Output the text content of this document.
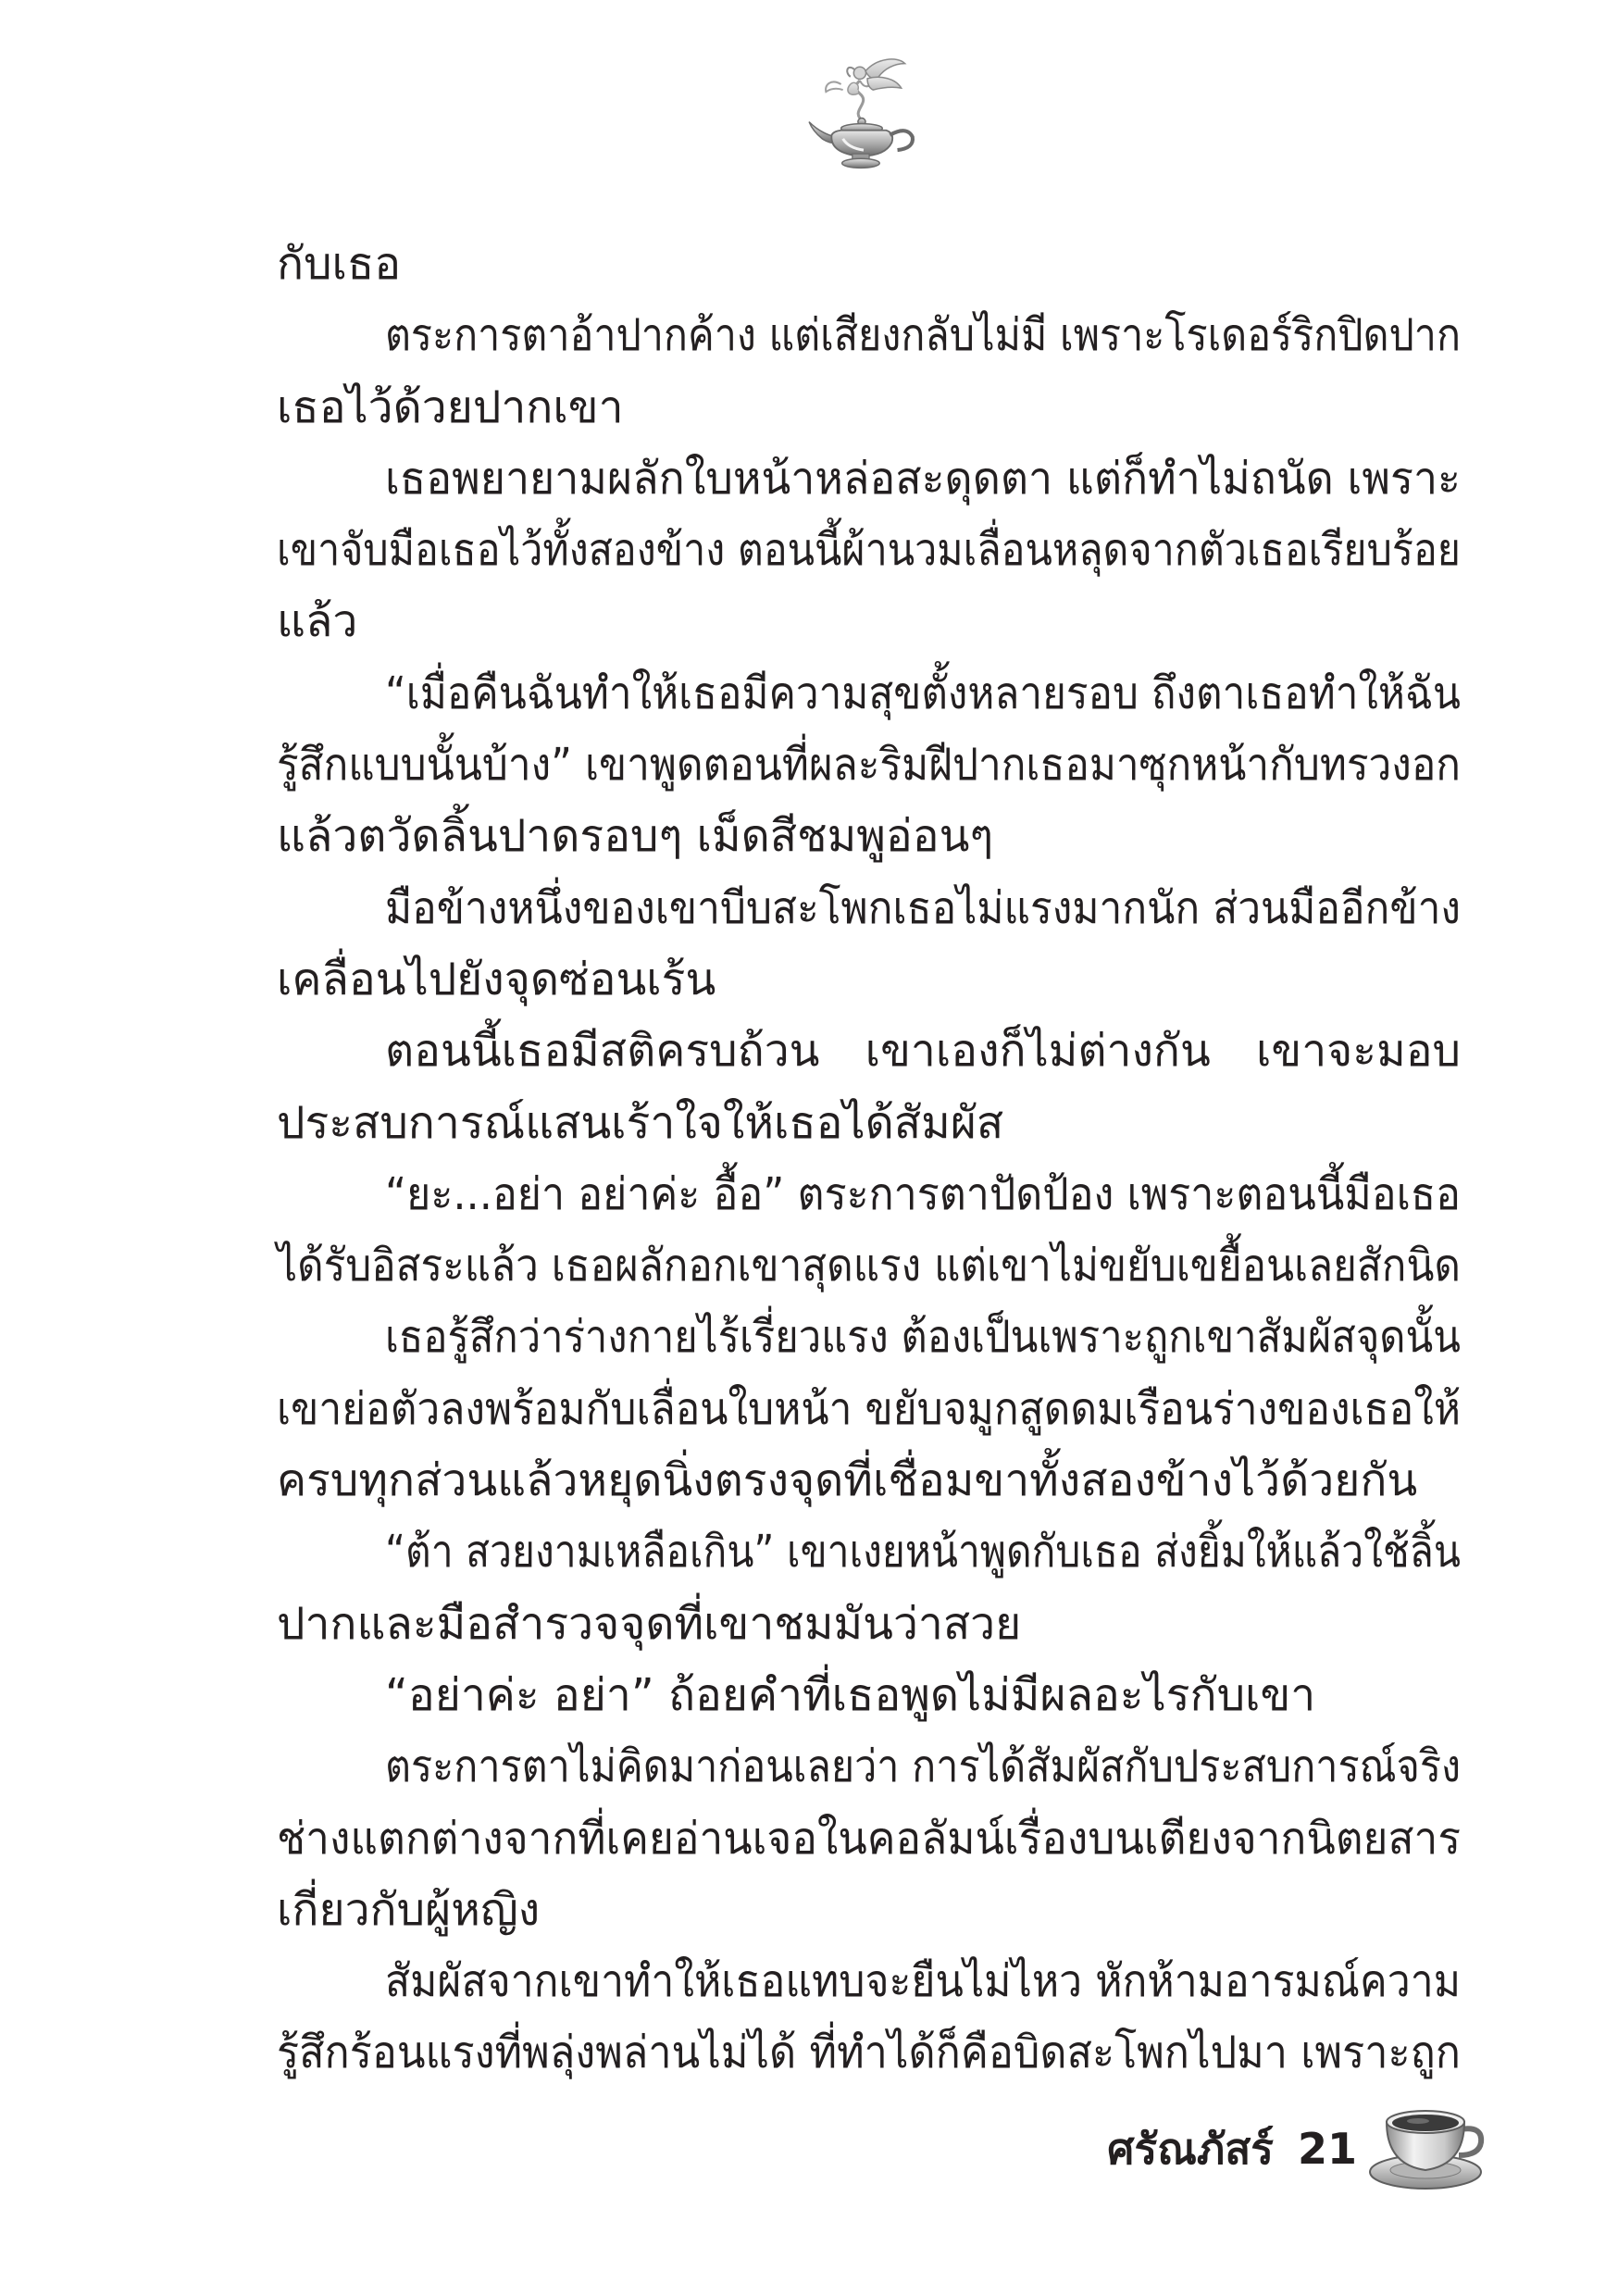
กับเธอ
ตระการตาอ้าปากค้าง แต่เสียงกลับไม่มี เพราะโรเดอร์ริกปิดปาก
เธอไว้ด้วยปากเขา
เธอพยายามผลักใบหน้าหล่อสะดุดตา แต่ก็ทำไม่ถนัด เพราะ
เขาจับมือเธอไว้ทั้งสองข้าง ตอนนี้ผ้านวมเลื่อนหลุดจากตัวเธอเรียบร้อย
แล้ว
“เมื่อคืนฉันทำให้เธอมีความสุขตั้งหลายรอบ ถึงตาเธอทำให้ฉัน
รู้สึกแบบนั้นบ้าง” เขาพูดตอนที่ผละริมฝีปากเธอมาซุกหน้ากับทรวงอก
แล้วตวัดลิ้นปาดรอบๆ เม็ดสีชมพูอ่อนๆ
มือข้างหนึ่งของเขาบีบสะโพกเธอไม่แรงมากนัก ส่วนมืออีกข้าง
เคลื่อนไปยังจุดซ่อนเร้น
ตอนนี้เธอมีสติครบถ้วน เขาเองก็ไม่ต่างกัน เขาจะมอบ
ประสบการณ์แสนเร้าใจให้เธอได้สัมผัส
“ยะ...อย่า อย่าค่ะ อื้อ” ตระการตาปัดป้อง เพราะตอนนี้มือเธอ
ได้รับอิสระแล้ว เธอผลักอกเขาสุดแรง แต่เขาไม่ขยับเขยื้อนเลยสักนิด
เธอรู้สึกว่าร่างกายไร้เรี่ยวแรง ต้องเป็นเพราะถูกเขาสัมผัสจุดนั้น
เขาย่อตัวลงพร้อมกับเลื่อนใบหน้า ขยับจมูกสูดดมเรือนร่างของเธอให้
ครบทุกส่วนแล้วหยุดนิ่งตรงจุดที่เชื่อมขาทั้งสองข้างไว้ด้วยกัน
“ต้า สวยงามเหลือเกิน” เขาเงยหน้าพูดกับเธอ ส่งยิ้มให้แล้วใช้ลิ้น
ปากและมือสำรวจจุดที่เขาชมมันว่าสวย
“อย่าค่ะ อย่า” ถ้อยคำที่เธอพูดไม่มีผลอะไรกับเขา
ตระการตาไม่คิดมาก่อนเลยว่า การได้สัมผัสกับประสบการณ์จริง
ช่างแตกต่างจากที่เคยอ่านเจอในคอลัมน์เรื่องบนเตียงจากนิตยสาร
เกี่ยวกับผู้หญิง
สัมผัสจากเขาทำให้เธอแทบจะยืนไม่ไหว หักห้ามอารมณ์ความ
รู้สึกร้อนแรงที่พลุ่งพล่านไม่ได้ ที่ทำได้ก็คือบิดสะโพกไปมา เพราะถูก
ศรัณภัสร์ 21
